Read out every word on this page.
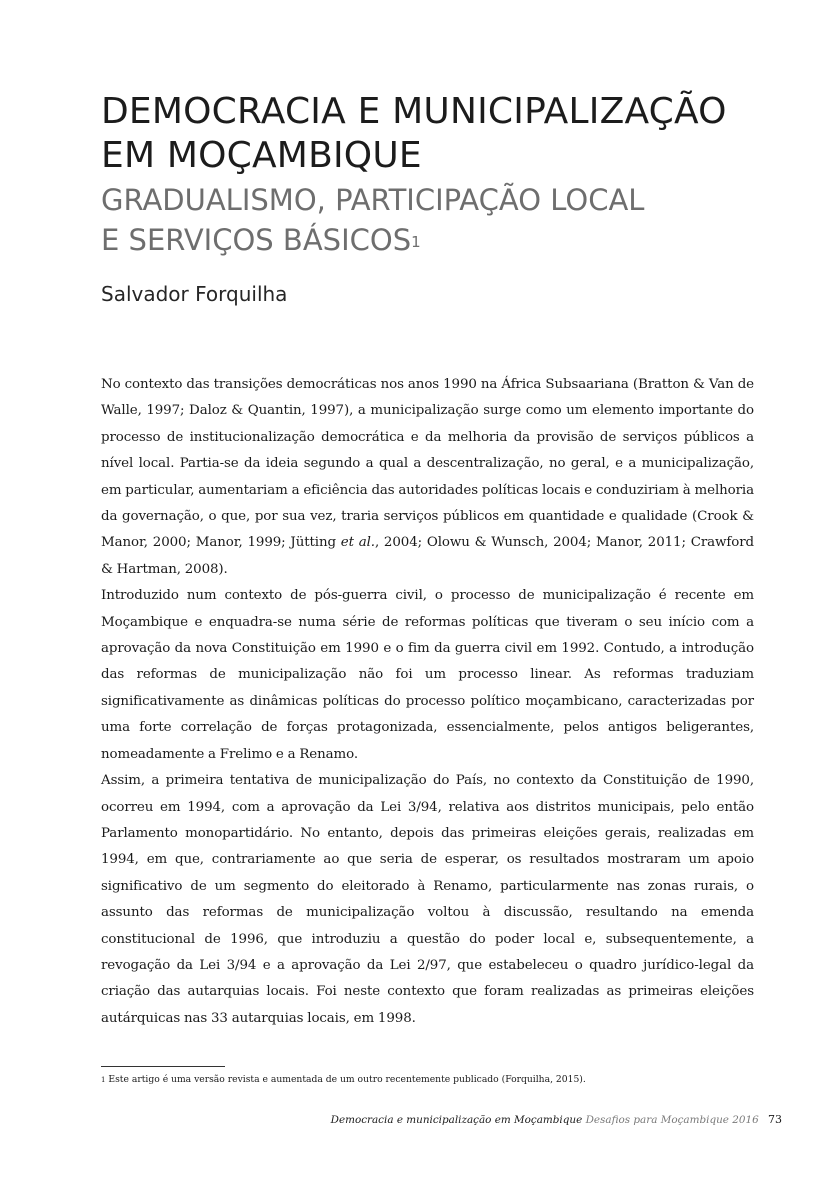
DEMOCRACIA E MUNICIPALIZAÇÃO
EM MOÇAMBIQUE
GRADUALISMO, PARTICIPAÇÃO LOCAL
E SERVIÇOS BÁSICOS$^1$
Salvador Forquilha

No contexto das transições democráticas nos anos 1990 na África Subsaariana (Bratton & Van de Walle, 1997; Daloz & Quantin, 1997), a municipalização surge como um elemento importante do processo de institucionalização democrática e da melhoria da provisão de serviços públicos a nível local. Partia-se da ideia segundo a qual a descentralização, no geral, e a municipalização, em particular, aumentariam a eficiência das autoridades políticas locais e conduziriam à melhoria da governação, o que, por sua vez, traria serviços públicos em quantidade e qualidade (Crook & Manor, 2000; Manor, 1999; Jütting et al., 2004; Olowu & Wunsch, 2004; Manor, 2011; Crawford & Hartman, 2008).

Introduzido num contexto de pós-guerra civil, o processo de municipalização é recente em Moçambique e enquadra-se numa série de reformas políticas que tiveram o seu início com a aprovação da nova Constituição em 1990 e o fim da guerra civil em 1992. Contudo, a introdução das reformas de municipalização não foi um processo linear. As reformas traduziam significativamente as dinâmicas políticas do processo político moçambicano, caracterizadas por uma forte correlação de forças protagonizada, essencialmente, pelos antigos beligerantes, nomeadamente a Frelimo e a Renamo.

Assim, a primeira tentativa de municipalização do País, no contexto da Constituição de 1990, ocorreu em 1994, com a aprovação da Lei 3/94, relativa aos distritos municipais, pelo então Parlamento monopartidário. No entanto, depois das primeiras eleições gerais, realizadas em 1994, em que, contrariamente ao que seria de esperar, os resultados mostraram um apoio significativo de um segmento do eleitorado à Renamo, particularmente nas zonas rurais, o assunto das reformas de municipalização voltou à discussão, resultando na emenda constitucional de 1996, que introduziu a questão do poder local e, subsequentemente, a revogação da Lei 3/94 e a aprovação da Lei 2/97, que estabeleceu o quadro jurídico-legal da criação das autarquias locais. Foi neste contexto que foram realizadas as primeiras eleições autárquicas nas 33 autarquias locais, em 1998.

$^1$ Este artigo é uma versão revista e aumentada de um outro recentemente publicado (Forquilha, 2015).
Democracia e municipalização em Moçambique Desafios para Moçambique 2016 73
